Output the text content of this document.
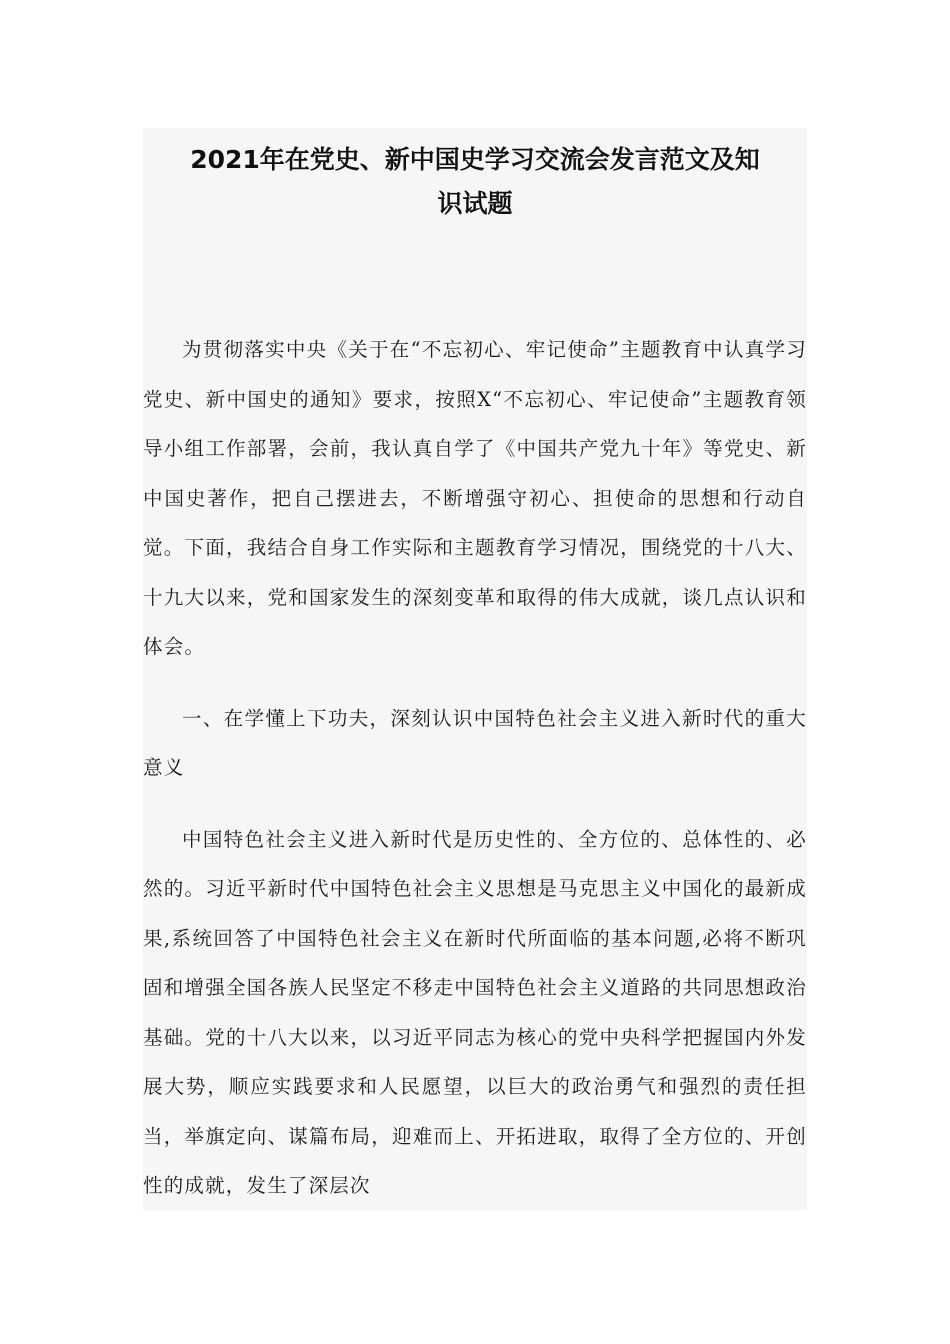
2021年在党史、新中国史学习交流会发言范文及知
识试题

为贯彻落实中央《关于在“不忘初心、牢记使命”主题教育中认真学习党史、新中国史的通知》要求，按照X“不忘初心、牢记使命”主题教育领导小组工作部署，会前，我认真自学了《中国共产党九十年》等党史、新中国史著作，把自己摆进去，不断增强守初心、担使命的思想和行动自觉。下面，我结合自身工作实际和主题教育学习情况，围绕党的十八大、十九大以来，党和国家发生的深刻变革和取得的伟大成就，谈几点认识和体会。

一、在学懂上下功夫，深刻认识中国特色社会主义进入新时代的重大意义

中国特色社会主义进入新时代是历史性的、全方位的、总体性的、必然的。习近平新时代中国特色社会主义思想是马克思主义中国化的最新成果,系统回答了中国特色社会主义在新时代所面临的基本问题,必将不断巩固和增强全国各族人民坚定不移走中国特色社会主义道路的共同思想政治基础。党的十八大以来，以习近平同志为核心的党中央科学把握国内外发展大势，顺应实践要求和人民愿望，以巨大的政治勇气和强烈的责任担当，举旗定向、谋篇布局，迎难而上、开拓进取，取得了全方位的、开创性的成就，发生了深层次
